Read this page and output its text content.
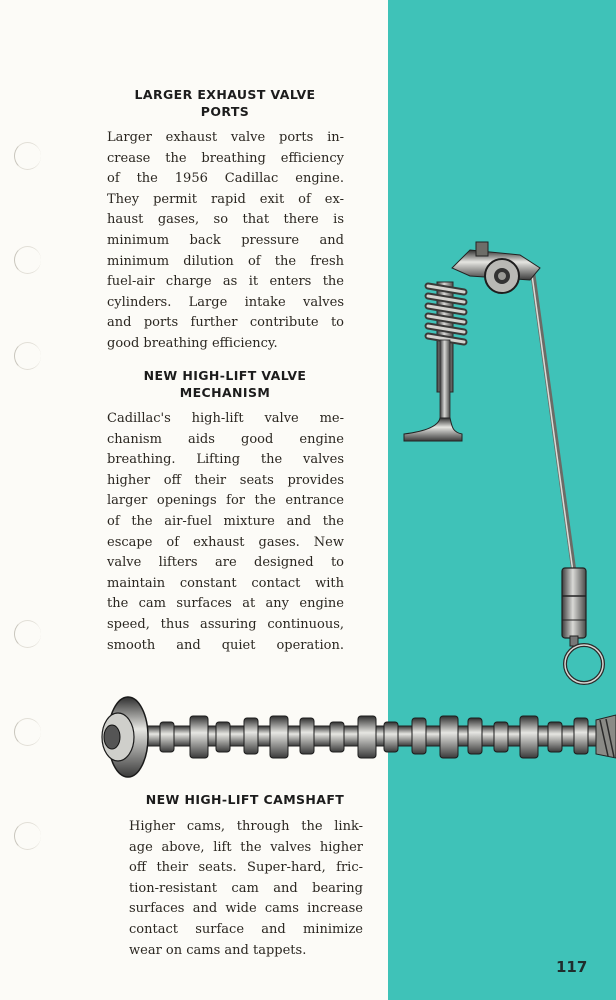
LARGER EXHAUST VALVE
PORTS
Larger exhaust valve ports in-
crease the breathing efficiency
of the 1956 Cadillac engine.
They permit rapid exit of ex-
haust gases, so that there is
minimum back pressure and
minimum dilution of the fresh
fuel-air charge as it enters the
cylinders. Large intake valves
and ports further contribute to
good breathing efficiency.
NEW HIGH-LIFT VALVE
MECHANISM
Cadillac's high-lift valve me-
chanism aids good engine
breathing. Lifting the valves
higher off their seats provides
larger openings for the entrance
of the air-fuel mixture and the
escape of exhaust gases. New
valve lifters are designed to
maintain constant contact with
the cam surfaces at any engine
speed, thus assuring continuous,
smooth and quiet operation.
NEW HIGH-LIFT CAMSHAFT
Higher cams, through the link-
age above, lift the valves higher
off their seats. Super-hard, fric-
tion-resistant cam and bearing
surfaces and wide cams increase
contact surface and minimize
wear on cams and tappets.
117
